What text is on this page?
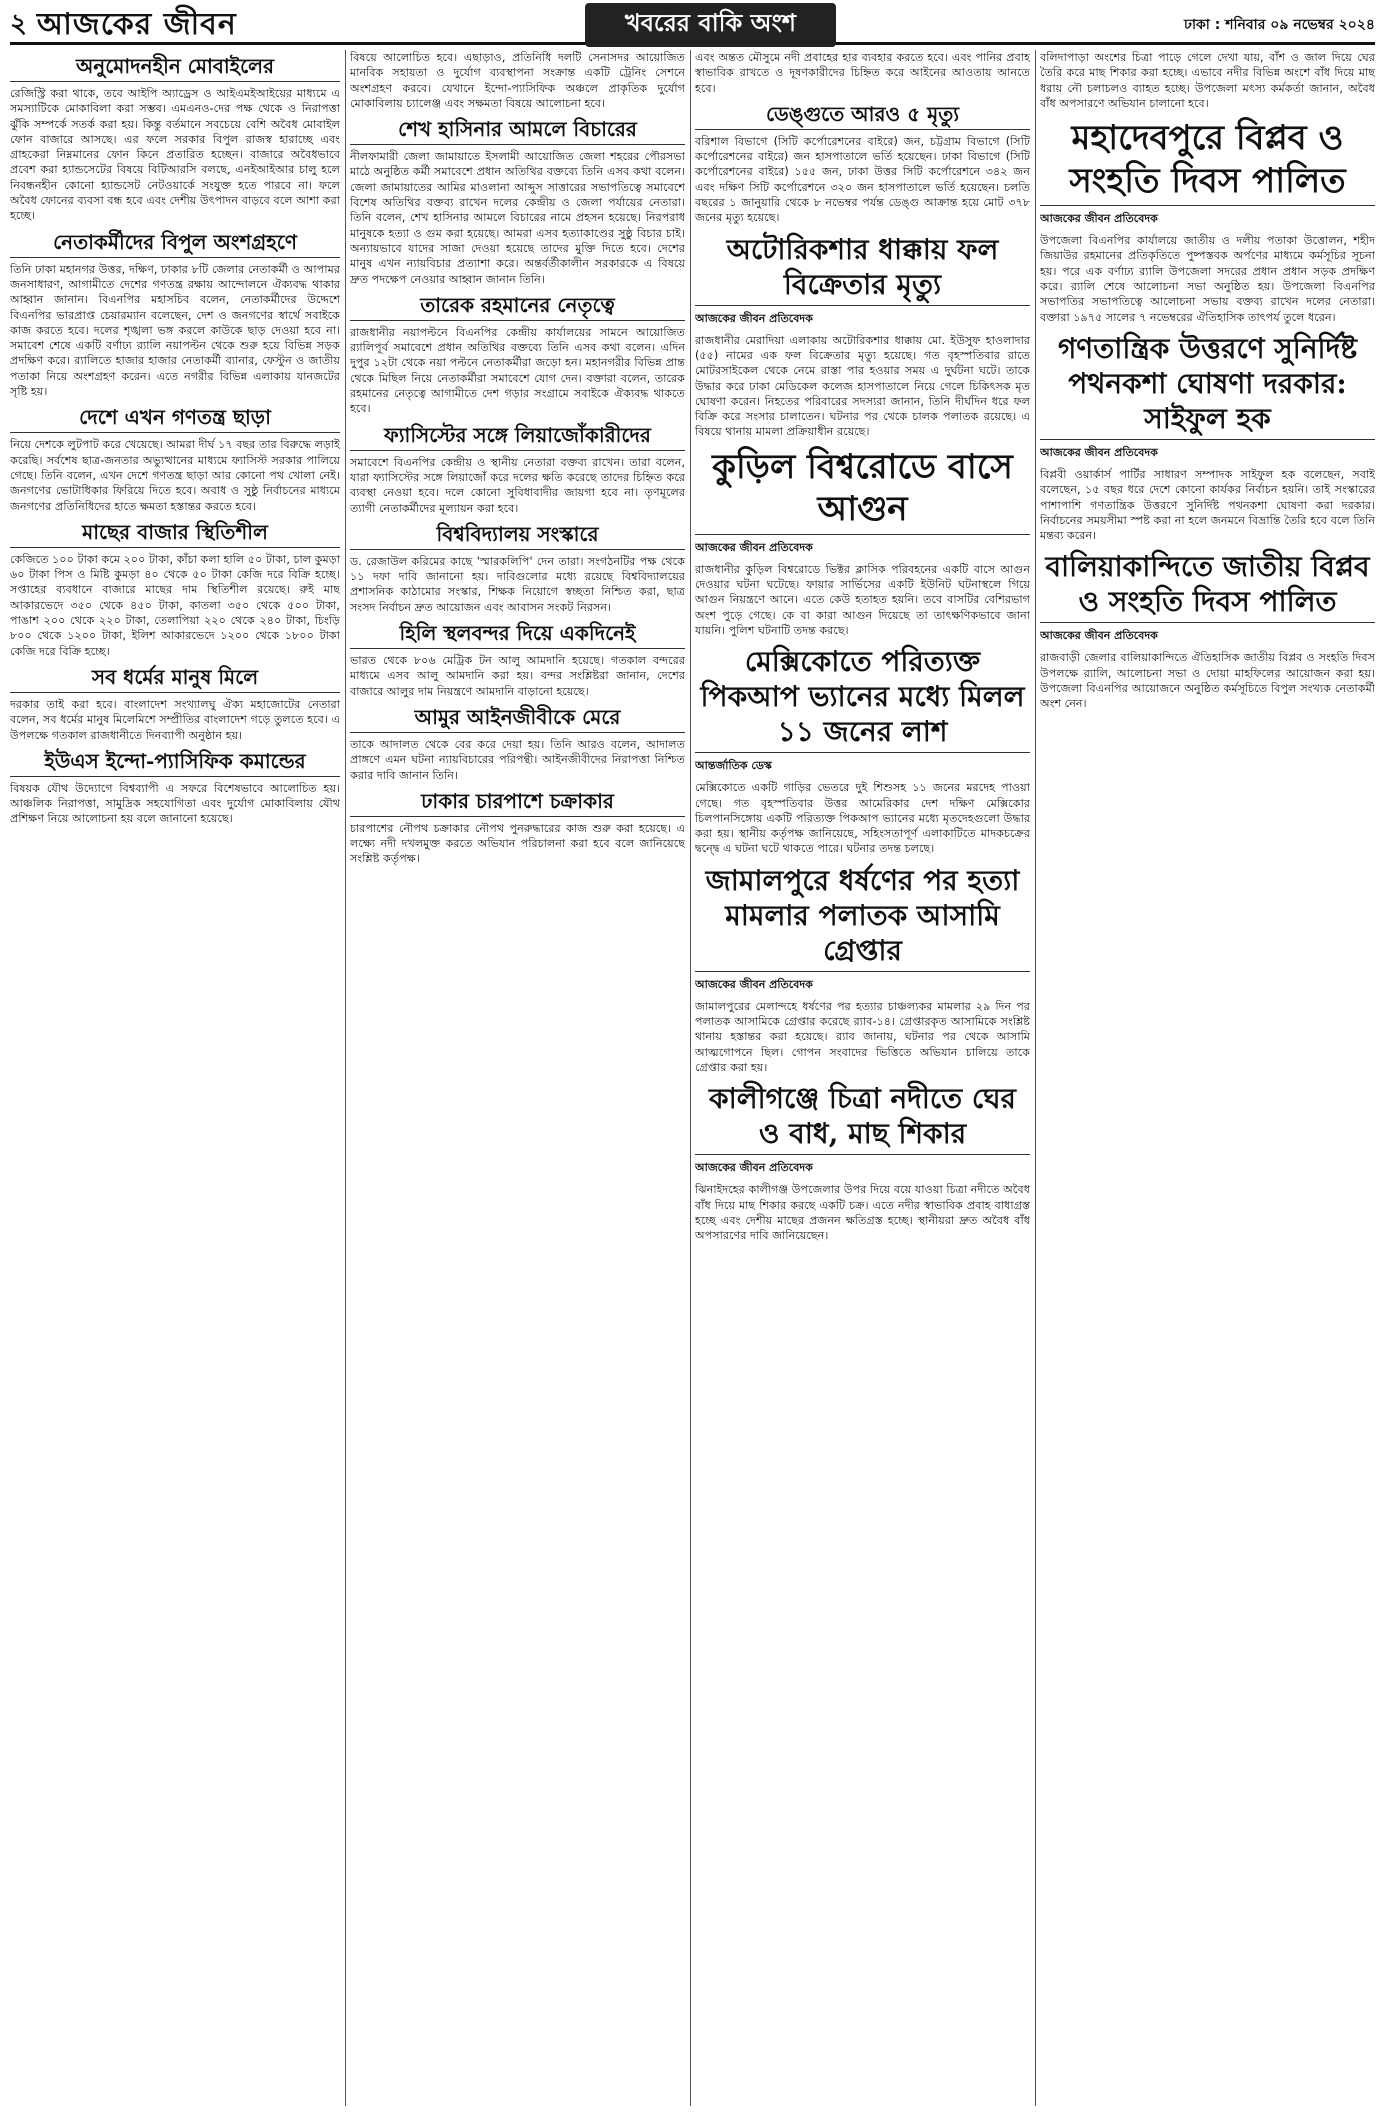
২ আজকের জীবন	খবরের বাকি অংশ	ঢাকা : শনিবার ০৯ নভেম্বর ২০২৪
অনুমোদনহীন মোবাইলের
রেজিস্ট্রি করা থাকে, তবে আইপি অ্যাড্রেস ও আইএমইআইয়ের মাধ্যমে এ সমস্যাটিকে মোকাবিলা করা সম্ভব। এমএনও-দের পক্ষ থেকে ও নিরাপত্তা ঝুঁকি সম্পর্কে সতর্ক করা হয়। কিন্তু বর্তমানে সবচেয়ে বেশি অবৈধ মোবাইল ফোন বাজারে আসছে। এর ফলে সরকার বিপুল রাজস্ব হারাচ্ছে এবং গ্রাহকেরা নিম্নমানের ফোন কিনে প্রতারিত হচ্ছেন। বাজারে অবৈধভাবে প্রবেশ করা হ্যান্ডসেটের বিষয়ে বিটিআরসি বলছে, এনইআইআর চালু হলে নিবন্ধনহীন কোনো হ্যান্ডসেট নেটওয়ার্কে সংযুক্ত হতে পারবে না। ফলে অবৈধ ফোনের ব্যবসা বন্ধ হবে এবং দেশীয় উৎপাদন বাড়বে বলে আশা করা হচ্ছে।
নেতাকর্মীদের বিপুল অংশগ্রহণে
তিনি ঢাকা মহানগর উত্তর, দক্ষিণ, ঢাকার ৮টি জেলার নেতাকর্মী ও আপামর জনসাধারণ, আগামীতে দেশের গণতন্ত্র রক্ষায় আন্দোলনে ঐক্যবদ্ধ থাকার আহ্বান জানান। বিএনপির মহাসচিব বলেন, নেতাকর্মীদের উদ্দেশে বিএনপির ভারপ্রাপ্ত চেয়ারম্যান বলেছেন, দেশ ও জনগণের স্বার্থে সবাইকে কাজ করতে হবে। দলের শৃঙ্খলা ভঙ্গ করলে কাউকে ছাড় দেওয়া হবে না। সমাবেশ শেষে একটি বর্ণাঢ্য র‍্যালি নয়াপল্টন থেকে শুরু হয়ে বিভিন্ন সড়ক প্রদক্ষিণ করে। র‍্যালিতে হাজার হাজার নেতাকর্মী ব্যানার, ফেস্টুন ও জাতীয় পতাকা নিয়ে অংশগ্রহণ করেন। এতে নগরীর বিভিন্ন এলাকায় যানজটের সৃষ্টি হয়।
দেশে এখন গণতন্ত্র ছাড়া
নিয়ে দেশকে লুটপাট করে খেয়েছে। আমরা দীর্ঘ ১৭ বছর তার বিরুদ্ধে লড়াই করেছি। সর্বশেষ ছাত্র-জনতার অভ্যুত্থানের মাধ্যমে ফ্যাসিস্ট সরকার পালিয়ে গেছে। তিনি বলেন, এখন দেশে গণতন্ত্র ছাড়া আর কোনো পথ খোলা নেই। জনগণের ভোটাধিকার ফিরিয়ে দিতে হবে। অবাধ ও সুষ্ঠু নির্বাচনের মাধ্যমে জনগণের প্রতিনিধিদের হাতে ক্ষমতা হস্তান্তর করতে হবে।
মাছের বাজার স্থিতিশীল
কেজিতে ১০০ টাকা কমে ২০০ টাকা, কাঁচা কলা হালি ৫০ টাকা, চাল কুমড়া ৬০ টাকা পিস ও মিষ্টি কুমড়া ৪০ থেকে ৫০ টাকা কেজি দরে বিক্রি হচ্ছে। সপ্তাহের ব্যবধানে বাজারে মাছের দাম স্থিতিশীল রয়েছে। রুই মাছ আকারভেদে ৩৫০ থেকে ৪৫০ টাকা, কাতলা ৩৫০ থেকে ৫০০ টাকা, পাঙাশ ২০০ থেকে ২২০ টাকা, তেলাপিয়া ২২০ থেকে ২৪০ টাকা, চিংড়ি ৮০০ থেকে ১২০০ টাকা, ইলিশ আকারভেদে ১২০০ থেকে ১৮০০ টাকা কেজি দরে বিক্রি হচ্ছে।
সব ধর্মের মানুষ মিলে
দরকার তাই করা হবে। বাংলাদেশ সংখ্যালঘু ঐক্য মহাজোটের নেতারা বলেন, সব ধর্মের মানুষ মিলেমিশে সম্প্রীতির বাংলাদেশ গড়ে তুলতে হবে। এ উপলক্ষে গতকাল রাজধানীতে দিনব্যাপী অনুষ্ঠান হয়।
ইউএস ইন্দো-প্যাসিফিক কমান্ডের
বিষয়ক যৌথ উদ্যোগে বিশ্বব্যাপী এ সফরে বিশেষভাবে আলোচিত হয়। আঞ্চলিক নিরাপত্তা, সামুদ্রিক সহযোগিতা এবং দুর্যোগ মোকাবিলায় যৌথ প্রশিক্ষণ নিয়ে আলোচনা হয় বলে জানানো হয়েছে।
বিষয়ে আলোচিত হবে। এছাড়াও, প্রতিনিধি দলটি সেনাসদর আয়োজিত মানবিক সহায়তা ও দুর্যোগ ব্যবস্থাপনা সংক্রান্ত একটি ট্রেনিং সেশনে অংশগ্রহণ করবে। যেখানে ইন্দো-প্যাসিফিক অঞ্চলে প্রাকৃতিক দুর্যোগ মোকাবিলায় চ্যালেঞ্জ এবং সক্ষমতা বিষয়ে আলোচনা হবে।
শেখ হাসিনার আমলে বিচারের
নীলফামারী জেলা জামায়াতে ইসলামী আয়োজিত জেলা শহরের পৌরসভা মাঠে অনুষ্ঠিত কর্মী সমাবেশে প্রধান অতিথির বক্তব্যে তিনি এসব কথা বলেন। জেলা জামায়াতের আমির মাওলানা আব্দুস সাত্তারের সভাপতিত্বে সমাবেশে বিশেষ অতিথির বক্তব্য রাখেন দলের কেন্দ্রীয় ও জেলা পর্যায়ের নেতারা। তিনি বলেন, শেখ হাসিনার আমলে বিচারের নামে প্রহসন হয়েছে। নিরপরাধ মানুষকে হত্যা ও গুম করা হয়েছে। আমরা এসব হত্যাকাণ্ডের সুষ্ঠু বিচার চাই। অন্যায়ভাবে যাদের সাজা দেওয়া হয়েছে তাদের মুক্তি দিতে হবে। দেশের মানুষ এখন ন্যায়বিচার প্রত্যাশা করে। অন্তর্বর্তীকালীন সরকারকে এ বিষয়ে দ্রুত পদক্ষেপ নেওয়ার আহ্বান জানান তিনি।
তারেক রহমানের নেতৃত্বে
রাজধানীর নয়াপল্টনে বিএনপির কেন্দ্রীয় কার্যালয়ের সামনে আয়োজিত র‍্যালিপূর্ব সমাবেশে প্রধান অতিথির বক্তব্যে তিনি এসব কথা বলেন। এদিন দুপুর ১২টা থেকে নয়া পল্টনে নেতাকর্মীরা জড়ো হন। মহানগরীর বিভিন্ন প্রান্ত থেকে মিছিল নিয়ে নেতাকর্মীরা সমাবেশে যোগ দেন। বক্তারা বলেন, তারেক রহমানের নেতৃত্বে আগামীতে দেশ গড়ার সংগ্রামে সবাইকে ঐক্যবদ্ধ থাকতে হবে।
ফ্যাসিস্টের সঙ্গে লিয়াজোঁকারীদের
সমাবেশে বিএনপির কেন্দ্রীয় ও স্থানীয় নেতারা বক্তব্য রাখেন। তারা বলেন, যারা ফ্যাসিস্টের সঙ্গে লিয়াজোঁ করে দলের ক্ষতি করেছে তাদের চিহ্নিত করে ব্যবস্থা নেওয়া হবে। দলে কোনো সুবিধাবাদীর জায়গা হবে না। তৃণমূলের ত্যাগী নেতাকর্মীদের মূল্যায়ন করা হবে।
বিশ্ববিদ্যালয় সংস্কারে
ড. রেজাউল করিমের কাছে 'স্মারকলিপি' দেন তারা। সংগঠনটির পক্ষ থেকে ১১ দফা দাবি জানানো হয়। দাবিগুলোর মধ্যে রয়েছে বিশ্ববিদ্যালয়ের প্রশাসনিক কাঠামোর সংস্কার, শিক্ষক নিয়োগে স্বচ্ছতা নিশ্চিত করা, ছাত্র সংসদ নির্বাচন দ্রুত আয়োজন এবং আবাসন সংকট নিরসন।
হিলি স্থলবন্দর দিয়ে একদিনেই
ভারত থেকে ৮০৬ মেট্রিক টন আলু আমদানি হয়েছে। গতকাল বন্দরের মাধ্যমে এসব আলু আমদানি করা হয়। বন্দর সংশ্লিষ্টরা জানান, দেশের বাজারে আলুর দাম নিয়ন্ত্রণে আমদানি বাড়ানো হয়েছে।
আমুর আইনজীবীকে মেরে
তাকে আদালত থেকে বের করে দেয়া হয়। তিনি আরও বলেন, আদালত প্রাঙ্গণে এমন ঘটনা ন্যায়বিচারের পরিপন্থী। আইনজীবীদের নিরাপত্তা নিশ্চিত করার দাবি জানান তিনি।
ঢাকার চারপাশে চক্রাকার
চারপাশের নৌপথ চক্রাকার নৌপথ পুনরুদ্ধারের কাজ শুরু করা হয়েছে। এ লক্ষ্যে নদী দখলমুক্ত করতে অভিযান পরিচালনা করা হবে বলে জানিয়েছে সংশ্লিষ্ট কর্তৃপক্ষ।
এবং অন্তত মৌসুমে নদী প্রবাহের হার ব্যবহার করতে হবে। এবং পানির প্রবাহ স্বাভাবিক রাখতে ও দূষণকারীদের চিহ্নিত করে আইনের আওতায় আনতে হবে।
ডেঙ্গুতে আরও ৫ মৃত্যু
বরিশাল বিভাগে (সিটি কর্পোরেশনের বাইরে) জন, চট্টগ্রাম বিভাগে (সিটি কর্পোরেশনের বাইরে) জন হাসপাতালে ভর্তি হয়েছেন। ঢাকা বিভাগে (সিটি কর্পোরেশনের বাইরে) ১৫৫ জন, ঢাকা উত্তর সিটি কর্পোরেশনে ৩৪২ জন এবং দক্ষিণ সিটি কর্পোরেশনে ৩২০ জন হাসপাতালে ভর্তি হয়েছেন। চলতি বছরের ১ জানুয়ারি থেকে ৮ নভেম্বর পর্যন্ত ডেঙ্গু আক্রান্ত হয়ে মোট ৩৭৮ জনের মৃত্যু হয়েছে।
অটোরিকশার ধাক্কায় ফল বিক্রেতার মৃত্যু
আজকের জীবন প্রতিবেদক
রাজধানীর মেরাদিয়া এলাকায় অটোরিকশার ধাক্কায় মো. ইউসুফ হাওলাদার (৫৫) নামের এক ফল বিক্রেতার মৃত্যু হয়েছে। গত বৃহস্পতিবার রাতে মোটরসাইকেল থেকে নেমে রাস্তা পার হওয়ার সময় এ দুর্ঘটনা ঘটে। তাকে উদ্ধার করে ঢাকা মেডিকেল কলেজ হাসপাতালে নিয়ে গেলে চিকিৎসক মৃত ঘোষণা করেন। নিহতের পরিবারের সদস্যরা জানান, তিনি দীর্ঘদিন ধরে ফল বিক্রি করে সংসার চালাতেন। ঘটনার পর থেকে চালক পলাতক রয়েছে। এ বিষয়ে থানায় মামলা প্রক্রিয়াধীন রয়েছে।
কুড়িল বিশ্বরোডে বাসে আগুন
আজকের জীবন প্রতিবেদক
রাজধানীর কুড়িল বিশ্বরোডে ভিক্টর ক্লাসিক পরিবহনের একটি বাসে আগুন দেওয়ার ঘটনা ঘটেছে। ফায়ার সার্ভিসের একটি ইউনিট ঘটনাস্থলে গিয়ে আগুন নিয়ন্ত্রণে আনে। এতে কেউ হতাহত হয়নি। তবে বাসটির বেশিরভাগ অংশ পুড়ে গেছে। কে বা কারা আগুন দিয়েছে তা তাৎক্ষণিকভাবে জানা যায়নি। পুলিশ ঘটনাটি তদন্ত করছে।
মেক্সিকোতে পরিত্যক্ত পিকআপ ভ্যানের মধ্যে মিলল ১১ জনের লাশ
আন্তর্জাতিক ডেস্ক
মেক্সিকোতে একটি গাড়ির ভেতরে দুই শিশুসহ ১১ জনের মরদেহ পাওয়া গেছে। গত বৃহস্পতিবার উত্তর আমেরিকার দেশ দক্ষিণ মেক্সিকোর চিলপানসিঙ্গোয় একটি পরিত্যক্ত পিকআপ ভ্যানের মধ্যে মৃতদেহগুলো উদ্ধার করা হয়। স্থানীয় কর্তৃপক্ষ জানিয়েছে, সহিংসতাপূর্ণ এলাকাটিতে মাদকচক্রের দ্বন্দ্বে এ ঘটনা ঘটে থাকতে পারে। ঘটনার তদন্ত চলছে।
জামালপুরে ধর্ষণের পর হত্যা মামলার পলাতক আসামি গ্রেপ্তার
আজকের জীবন প্রতিবেদক
জামালপুরের মেলান্দহে ধর্ষণের পর হত্যার চাঞ্চল্যকর মামলার ২৯ দিন পর পলাতক আসামিকে গ্রেপ্তার করেছে র‍্যাব-১৪। গ্রেপ্তারকৃত আসামিকে সংশ্লিষ্ট থানায় হস্তান্তর করা হয়েছে। র‍্যাব জানায়, ঘটনার পর থেকে আসামি আত্মগোপনে ছিল। গোপন সংবাদের ভিত্তিতে অভিযান চালিয়ে তাকে গ্রেপ্তার করা হয়।
কালীগঞ্জে চিত্রা নদীতে ঘের ও বাধ, মাছ শিকার
আজকের জীবন প্রতিবেদক
ঝিনাইদহের কালীগঞ্জ উপজেলার উপর দিয়ে বয়ে যাওয়া চিত্রা নদীতে অবৈধ বাঁধ দিয়ে মাছ শিকার করছে একটি চক্র। এতে নদীর স্বাভাবিক প্রবাহ বাধাগ্রস্ত হচ্ছে এবং দেশীয় মাছের প্রজনন ক্ষতিগ্রস্ত হচ্ছে। স্থানীয়রা দ্রুত অবৈধ বাঁধ অপসারণের দাবি জানিয়েছেন।
বলিদাপাড়া অংশের চিত্রা পাড়ে গেলে দেখা যায়, বাঁশ ও জাল দিয়ে ঘের তৈরি করে মাছ শিকার করা হচ্ছে। এভাবে নদীর বিভিন্ন অংশে বাঁধ দিয়ে মাছ ধরায় নৌ চলাচলও ব্যাহত হচ্ছে। উপজেলা মৎস্য কর্মকর্তা জানান, অবৈধ বাঁধ অপসারণে অভিযান চালানো হবে।
মহাদেবপুরে বিপ্লব ও সংহতি দিবস পালিত
আজকের জীবন প্রতিবেদক
উপজেলা বিএনপির কার্যালয়ে জাতীয় ও দলীয় পতাকা উত্তোলন, শহীদ জিয়াউর রহমানের প্রতিকৃতিতে পুষ্পস্তবক অর্পণের মাধ্যমে কর্মসূচির সূচনা হয়। পরে এক বর্ণাঢ্য র‍্যালি উপজেলা সদরের প্রধান প্রধান সড়ক প্রদক্ষিণ করে। র‍্যালি শেষে আলোচনা সভা অনুষ্ঠিত হয়। উপজেলা বিএনপির সভাপতির সভাপতিত্বে আলোচনা সভায় বক্তব্য রাখেন দলের নেতারা। বক্তারা ১৯৭৫ সালের ৭ নভেম্বরের ঐতিহাসিক তাৎপর্য তুলে ধরেন।
গণতান্ত্রিক উত্তরণে সুনির্দিষ্ট পথনকশা ঘোষণা দরকার: সাইফুল হক
আজকের জীবন প্রতিবেদক
বিপ্লবী ওয়ার্কার্স পার্টির সাধারণ সম্পাদক সাইফুল হক বলেছেন, সবাই বলেছেন, ১৫ বছর ধরে দেশে কোনো কার্যকর নির্বাচন হয়নি। তাই সংস্কারের পাশাপাশি গণতান্ত্রিক উত্তরণে সুনির্দিষ্ট পথনকশা ঘোষণা করা দরকার। নির্বাচনের সময়সীমা স্পষ্ট করা না হলে জনমনে বিভ্রান্তি তৈরি হবে বলে তিনি মন্তব্য করেন।
বালিয়াকান্দিতে জাতীয় বিপ্লব ও সংহতি দিবস পালিত
আজকের জীবন প্রতিবেদক
রাজবাড়ী জেলার বালিয়াকান্দিতে ঐতিহাসিক জাতীয় বিপ্লব ও সংহতি দিবস উপলক্ষে র‍্যালি, আলোচনা সভা ও দোয়া মাহফিলের আয়োজন করা হয়। উপজেলা বিএনপির আয়োজনে অনুষ্ঠিত কর্মসূচিতে বিপুল সংখ্যক নেতাকর্মী অংশ নেন।
